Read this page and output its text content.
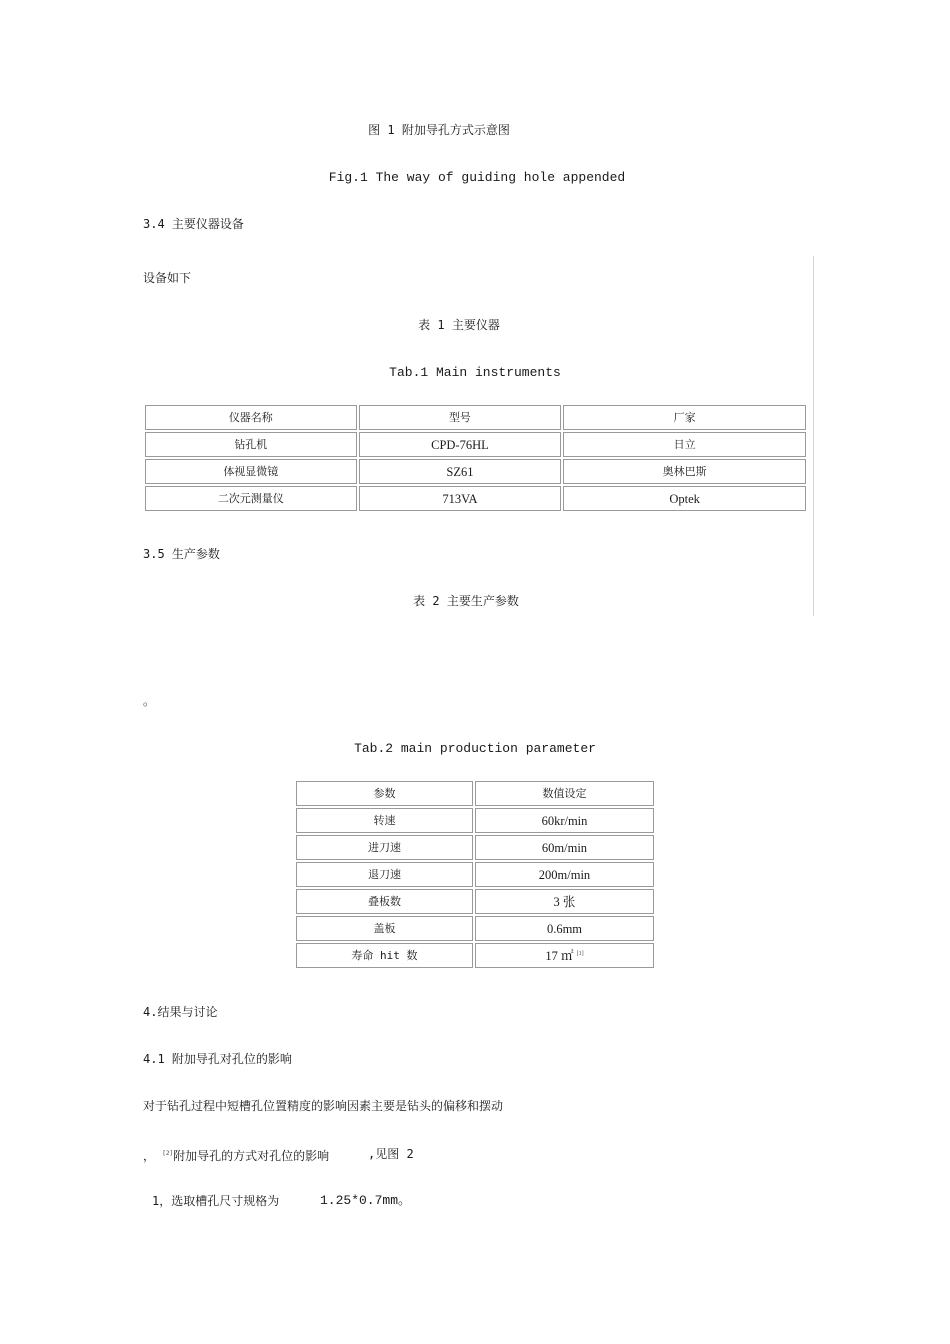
图 1 附加导孔方式示意图
Fig.1 The way of guiding hole appended
3.4 主要仪器设备
设备如下
表 1 主要仪器
Tab.1 Main instruments
仪器名称	型号	厂家
钻孔机	CPD-76HL	日立
体视显微镜	SZ61	奥林巴斯
二次元测量仪	713VA	Optek
3.5 生产参数
表 2 主要生产参数
。
Tab.2 main production parameter
参数	数值设定
转速	60kr/min
进刀速	60m/min
退刀速	200m/min
叠板数	3 张
盖板	0.6mm
寿命 hit 数	17 ㎡ [1]
4.结果与讨论
4.1 附加导孔对孔位的影响
对于钻孔过程中短槽孔位置精度的影响因素主要是钻头的偏移和摆动
， [2]附加导孔的方式对孔位的影响	,见图 2
1，选取槽孔尺寸规格为	1.25*0.7mm。
